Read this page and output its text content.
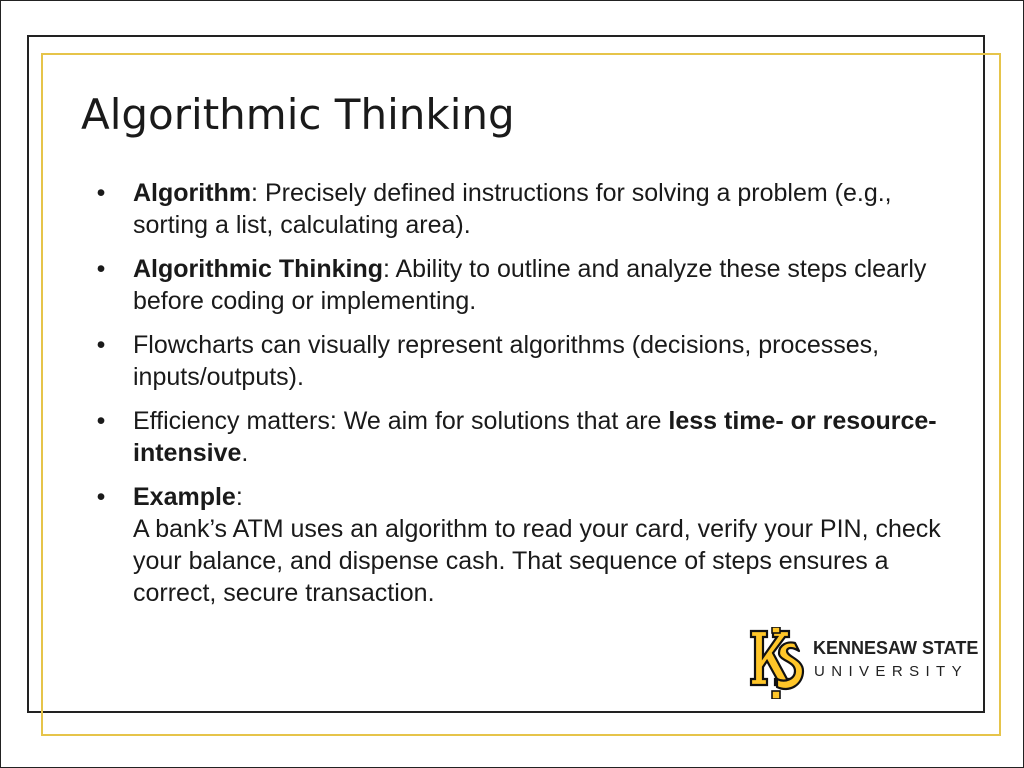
Algorithmic Thinking
• Algorithm: Precisely defined instructions for solving a problem (e.g., sorting a list, calculating area).
• Algorithmic Thinking: Ability to outline and analyze these steps clearly before coding or implementing.
• Flowcharts can visually represent algorithms (decisions, processes, inputs/outputs).
• Efficiency matters: We aim for solutions that are less time- or resource-intensive.
• Example:
A bank’s ATM uses an algorithm to read your card, verify your PIN, check your balance, and dispense cash. That sequence of steps ensures a correct, secure transaction.
KENNESAW STATE
UNIVERSITY
